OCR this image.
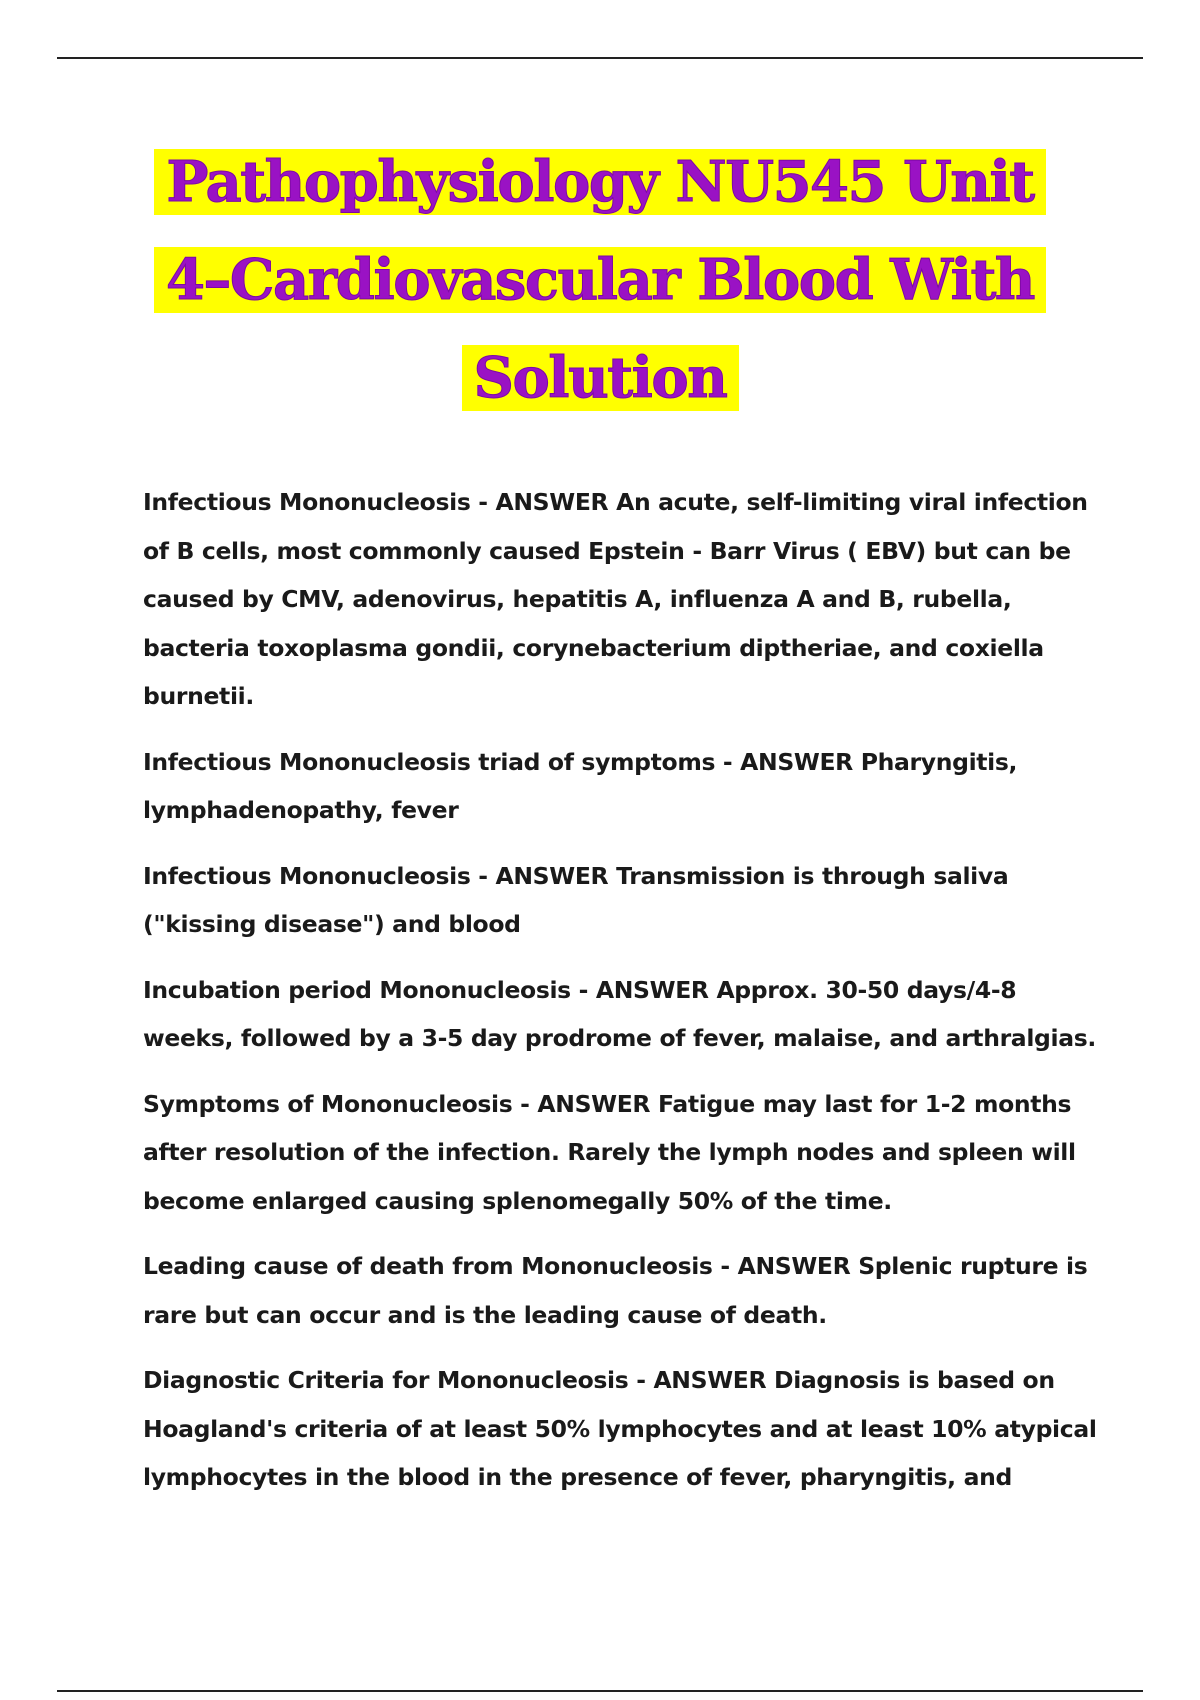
Pathophysiology NU545 Unit
4–Cardiovascular Blood With
Solution

Infectious Mononucleosis - ANSWER An acute, self-limiting viral infection of B cells, most commonly caused Epstein - Barr Virus ( EBV) but can be caused by CMV, adenovirus, hepatitis A, influenza A and B, rubella, bacteria toxoplasma gondii, corynebacterium diptheriae, and coxiella burnetii.

Infectious Mononucleosis triad of symptoms - ANSWER Pharyngitis, lymphadenopathy, fever

Infectious Mononucleosis - ANSWER Transmission is through saliva ("kissing disease") and blood

Incubation period Mononucleosis - ANSWER Approx. 30-50 days/4-8 weeks, followed by a 3-5 day prodrome of fever, malaise, and arthralgias.

Symptoms of Mononucleosis - ANSWER Fatigue may last for 1-2 months after resolution of the infection. Rarely the lymph nodes and spleen will become enlarged causing splenomegally 50% of the time.

Leading cause of death from Mononucleosis - ANSWER Splenic rupture is rare but can occur and is the leading cause of death.

Diagnostic Criteria for Mononucleosis - ANSWER Diagnosis is based on Hoagland's criteria of at least 50% lymphocytes and at least 10% atypical lymphocytes in the blood in the presence of fever, pharyngitis, and
